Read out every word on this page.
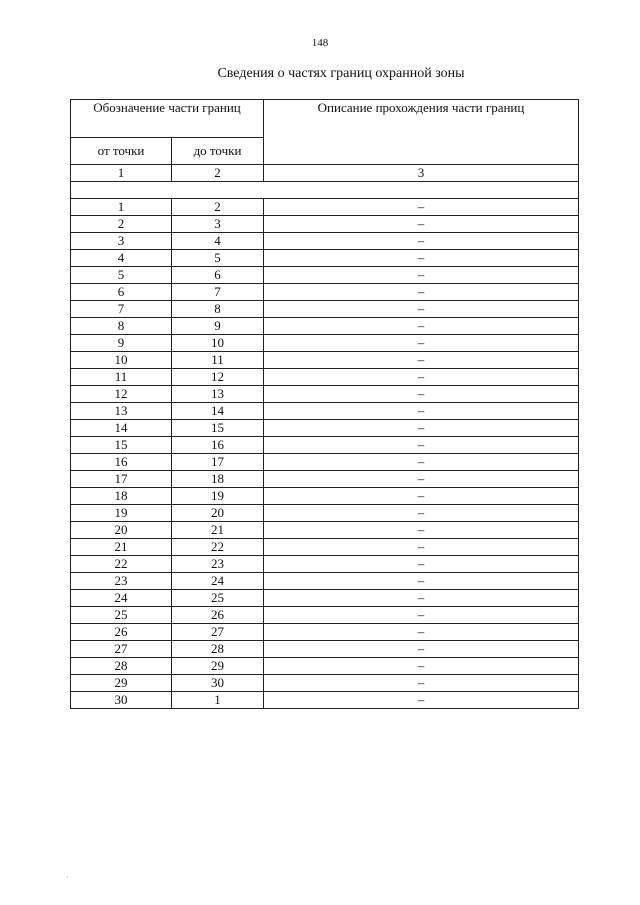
148
Сведения о частях границ охранной зоны
Обозначение части границ		Описание прохождения части границ
от точки	до точки	
1	2	3

1	2	–
2	3	–
3	4	–
4	5	–
5	6	–
6	7	–
7	8	–
8	9	–
9	10	–
10	11	–
11	12	–
12	13	–
13	14	–
14	15	–
15	16	–
16	17	–
17	18	–
18	19	–
19	20	–
20	21	–
21	22	–
22	23	–
23	24	–
24	25	–
25	26	–
26	27	–
27	28	–
28	29	–
29	30	–
30	1	–
·
